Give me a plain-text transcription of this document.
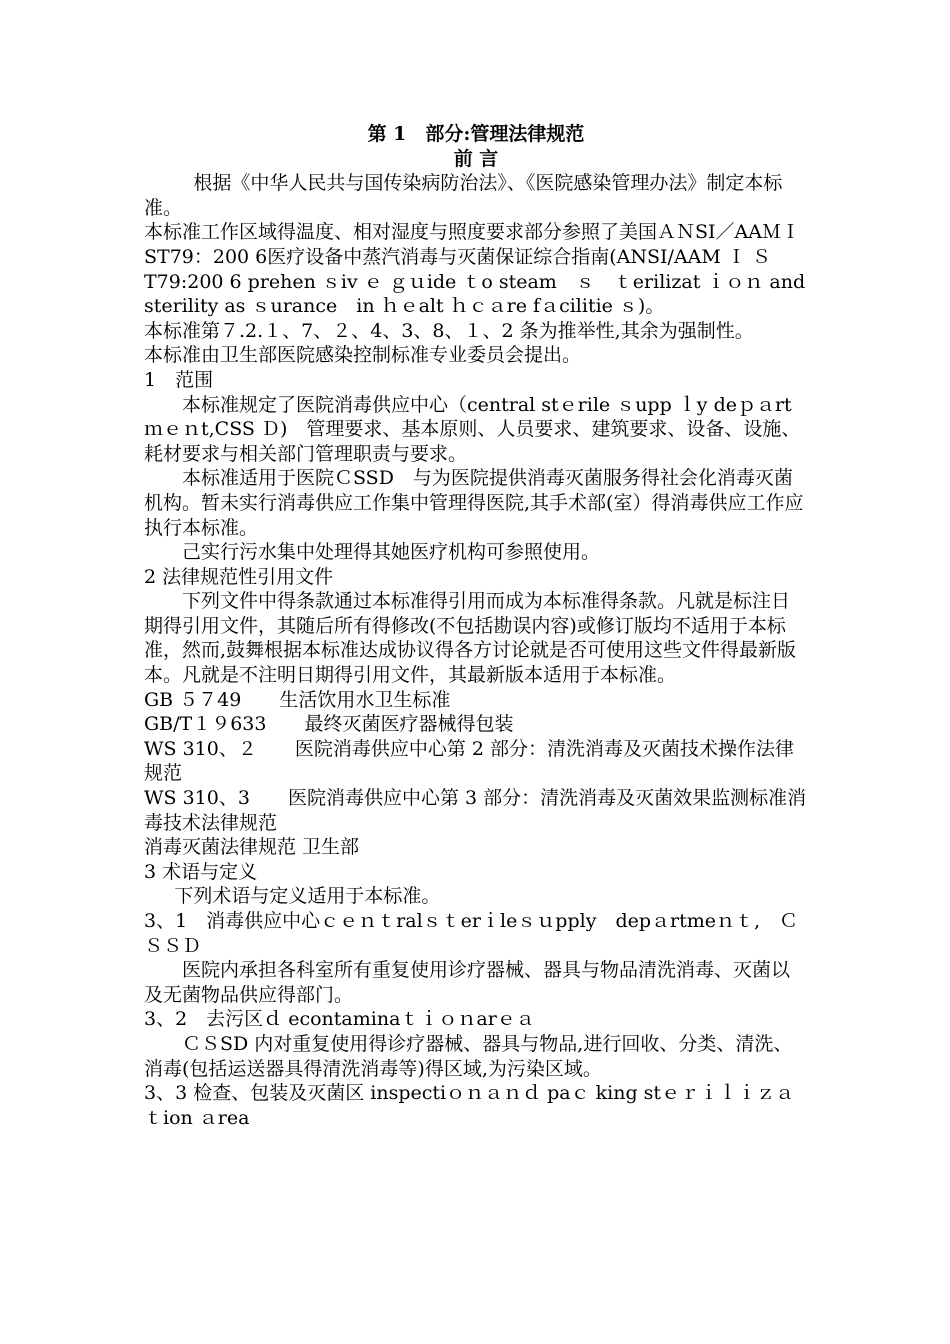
第 1　部分:管理法律规范

前 言

根据《中华人民共与国传染病防治法》、《医院感染管理办法》制定本标准。

本标准工作区域得温度、相对湿度与照度要求部分参照了美国ＡＮSI／AAＭＩ ST79：200 6医疗设备中蒸汽消毒与灭菌保证综合指南(ANSI/AAM Ｉ Ｓ T79:200 6 prehen ｓiv ｅ ｇｕide ｔo steam　ｓ　ｔerilizat ｉｏｎ and　sterility as ｓurance　in ｈｅalt ｈｃａre fａcilitie ｓ)。

本标准第７.2.１、7、２、4、3、8、１、2 条为推举性,其余为强制性。

本标准由卫生部医院感染控制标准专业委员会提出。

1　范围

本标准规定了医院消毒供应中心（central stｅrile ｓupp ｌy deｐａrtｍｅｎt,CSS Ｄ)　管理要求、基本原则、人员要求、建筑要求、设备、设施、耗材要求与相关部门管理职责与要求。

本标准适用于医院ＣSSD　与为医院提供消毒灭菌服务得社会化消毒灭菌机构。暂未实行消毒供应工作集中管理得医院,其手术部(室）得消毒供应工作应执行本标准。

己实行污水集中处理得其她医疗机构可参照使用。

2 法律规范性引用文件

下列文件中得条款通过本标准得引用而成为本标准得条款。凡就是标注日期得引用文件，其随后所有得修改(不包括勘误内容)或修订版均不适用于本标准，然而,鼓舞根据本标准达成协议得各方讨论就是否可使用这些文件得最新版本。凡就是不注明日期得引用文件，其最新版本适用于本标准。

GB ５７49　　生活饮用水卫生标准

GB/T１９633　　最终灭菌医疗器械得包装

WS 310、２　　医院消毒供应中心第 2 部分：清洗消毒及灭菌技术操作法律规范

WS 310、3　　医院消毒供应中心第 3 部分：清洗消毒及灭菌效果监测标准消毒技术法律规范

消毒灭菌法律规范 卫生部

3 术语与定义

下列术语与定义适用于本标准。

3、1　消毒供应中心ｃｅｎｔralｓｔerｉleｓｕpply　depａrtmeｎｔ,　ＣＳＳＤ

医院内承担各科室所有重复使用诊疗器械、器具与物品清洗消毒、灭菌以及无菌物品供应得部门。

3、2　去污区ｄ econtaminaｔｉｏｎarｅａ

ＣＳSD 内对重复使用得诊疗器械、器具与物品,进行回收、分类、清洗、消毒(包括运送器具得清洗消毒等)得区域,为污染区域。

3、3 检查、包装及灭菌区 inspectiｏｎａｎｄ paｃ king stｅｒｉｌｉｚａｔion ａrea
